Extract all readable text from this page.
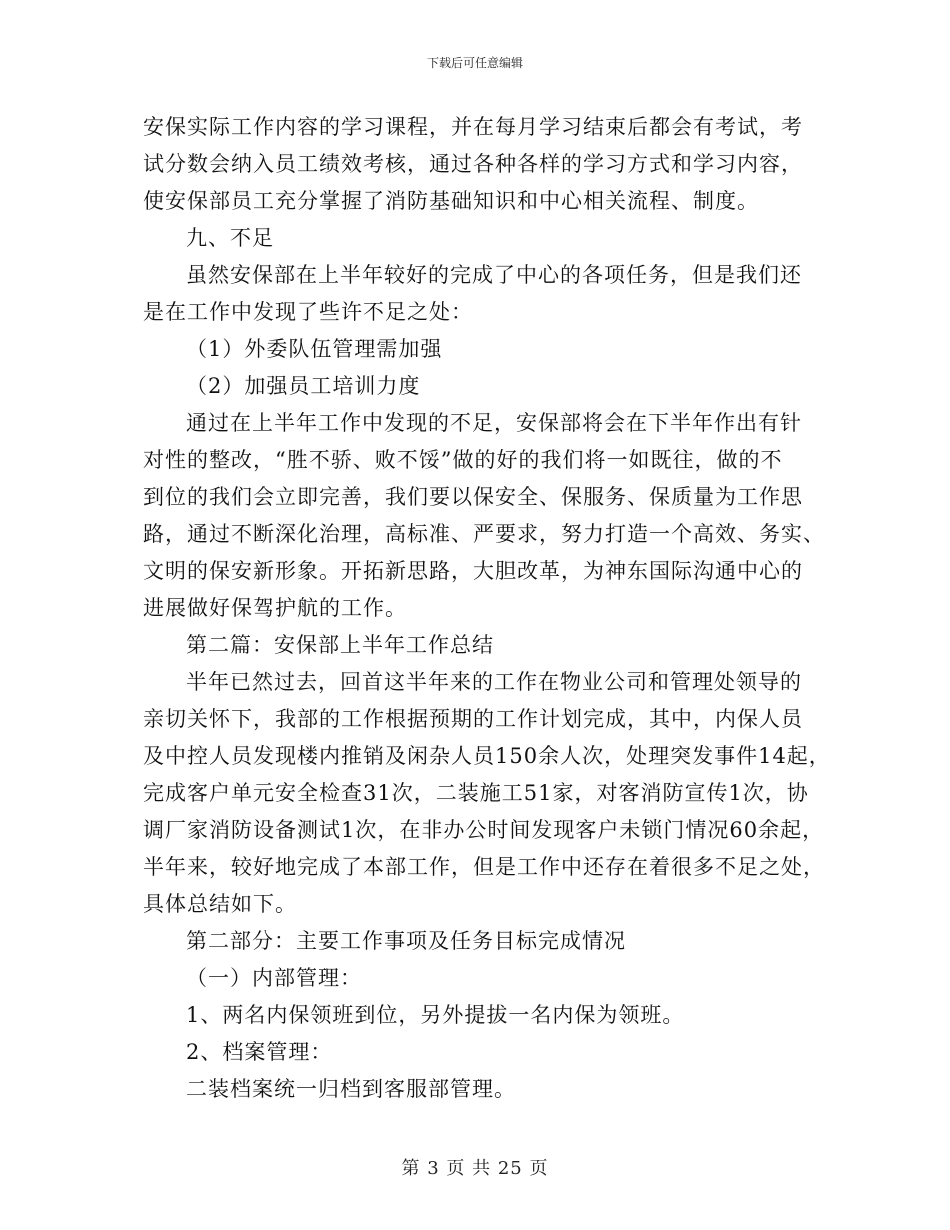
下载后可任意编辑
安保实际工作内容的学习课程，并在每月学习结束后都会有考试，考
试分数会纳入员工绩效考核，通过各种各样的学习方式和学习内容，
使安保部员工充分掌握了消防基础知识和中心相关流程、制度。
九、不足
虽然安保部在上半年较好的完成了中心的各项任务，但是我们还
是在工作中发现了些许不足之处：
（1）外委队伍管理需加强
（2）加强员工培训力度
通过在上半年工作中发现的不足，安保部将会在下半年作出有针
对性的整改，“胜不骄、败不馁”做的好的我们将一如既往，做的不
到位的我们会立即完善，我们要以保安全、保服务、保质量为工作思
路，通过不断深化治理，高标准、严要求，努力打造一个高效、务实、
文明的保安新形象。开拓新思路，大胆改革，为神东国际沟通中心的
进展做好保驾护航的工作。
第二篇：安保部上半年工作总结
半年已然过去，回首这半年来的工作在物业公司和管理处领导的
亲切关怀下，我部的工作根据预期的工作计划完成，其中，内保人员
及中控人员发现楼内推销及闲杂人员150余人次，处理突发事件14起，
完成客户单元安全检查31次，二装施工51家，对客消防宣传1次，协
调厂家消防设备测试1次，在非办公时间发现客户未锁门情况60余起，
半年来，较好地完成了本部工作，但是工作中还存在着很多不足之处，
具体总结如下。
第二部分：主要工作事项及任务目标完成情况
（一）内部管理：
1、两名内保领班到位，另外提拔一名内保为领班。
2、档案管理：
二装档案统一归档到客服部管理。
第 3 页 共 25 页
